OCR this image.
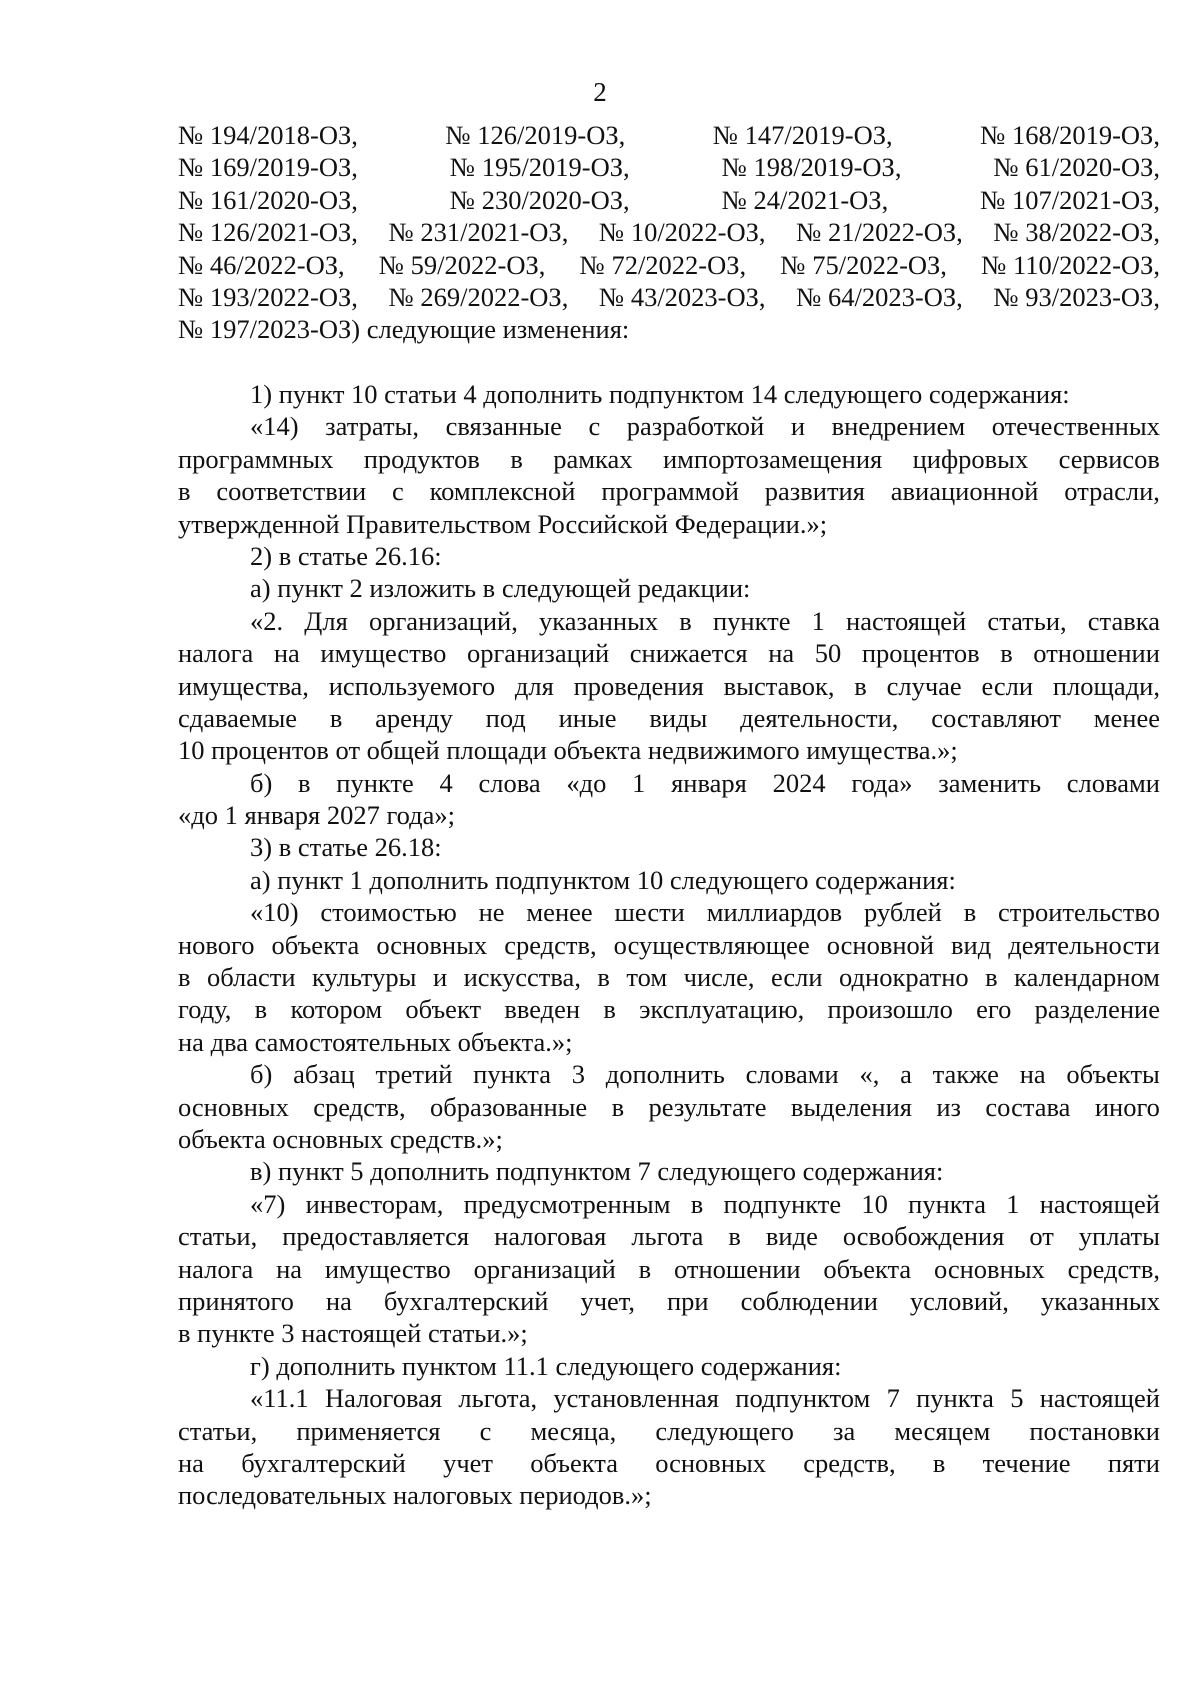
2
№ 194/2018-ОЗ,	№ 126/2019-ОЗ,	№ 147/2019-ОЗ,	№ 168/2019-ОЗ,
№ 169/2019-ОЗ,	№ 195/2019-ОЗ,	№ 198/2019-ОЗ,	№ 61/2020-ОЗ,
№ 161/2020-ОЗ,	№ 230/2020-ОЗ,	№ 24/2021-ОЗ,	№ 107/2021-ОЗ,
№ 126/2021-ОЗ, № 231/2021-ОЗ, № 10/2022-ОЗ, № 21/2022-ОЗ, № 38/2022-ОЗ,
№ 46/2022-ОЗ, № 59/2022-ОЗ, № 72/2022-ОЗ, № 75/2022-ОЗ, № 110/2022-ОЗ,
№ 193/2022-ОЗ, № 269/2022-ОЗ, № 43/2023-ОЗ, № 64/2023-ОЗ, № 93/2023-ОЗ,
№ 197/2023-ОЗ) следующие изменения:
1) пункт 10 статьи 4 дополнить подпунктом 14 следующего содержания:
«14) затраты, связанные с разработкой и внедрением отечественных
программных продуктов в рамках импортозамещения цифровых сервисов
в соответствии с комплексной программой развития авиационной отрасли,
утвержденной Правительством Российской Федерации.»;
2) в статье 26.16:
а) пункт 2 изложить в следующей редакции:
«2. Для организаций, указанных в пункте 1 настоящей статьи, ставка
налога на имущество организаций снижается на 50 процентов в отношении
имущества, используемого для проведения выставок, в случае если площади,
сдаваемые в аренду под иные виды деятельности, составляют менее
10 процентов от общей площади объекта недвижимого имущества.»;
б) в пункте 4 слова «до 1 января 2024 года» заменить словами
«до 1 января 2027 года»;
3) в статье 26.18:
а) пункт 1 дополнить подпунктом 10 следующего содержания:
«10) стоимостью не менее шести миллиардов рублей в строительство
нового объекта основных средств, осуществляющее основной вид деятельности
в области культуры и искусства, в том числе, если однократно в календарном
году, в котором объект введен в эксплуатацию, произошло его разделение
на два самостоятельных объекта.»;
б) абзац третий пункта 3 дополнить словами «, а также на объекты
основных средств, образованные в результате выделения из состава иного
объекта основных средств.»;
в) пункт 5 дополнить подпунктом 7 следующего содержания:
«7) инвесторам, предусмотренным в подпункте 10 пункта 1 настоящей
статьи, предоставляется налоговая льгота в виде освобождения от уплаты
налога на имущество организаций в отношении объекта основных средств,
принятого на бухгалтерский учет, при соблюдении условий, указанных
в пункте 3 настоящей статьи.»;
г) дополнить пунктом 11.1 следующего содержания:
«11.1 Налоговая льгота, установленная подпунктом 7 пункта 5 настоящей
статьи, применяется с месяца, следующего за месяцем постановки
на бухгалтерский учет объекта основных средств, в течение пяти
последовательных налоговых периодов.»;
